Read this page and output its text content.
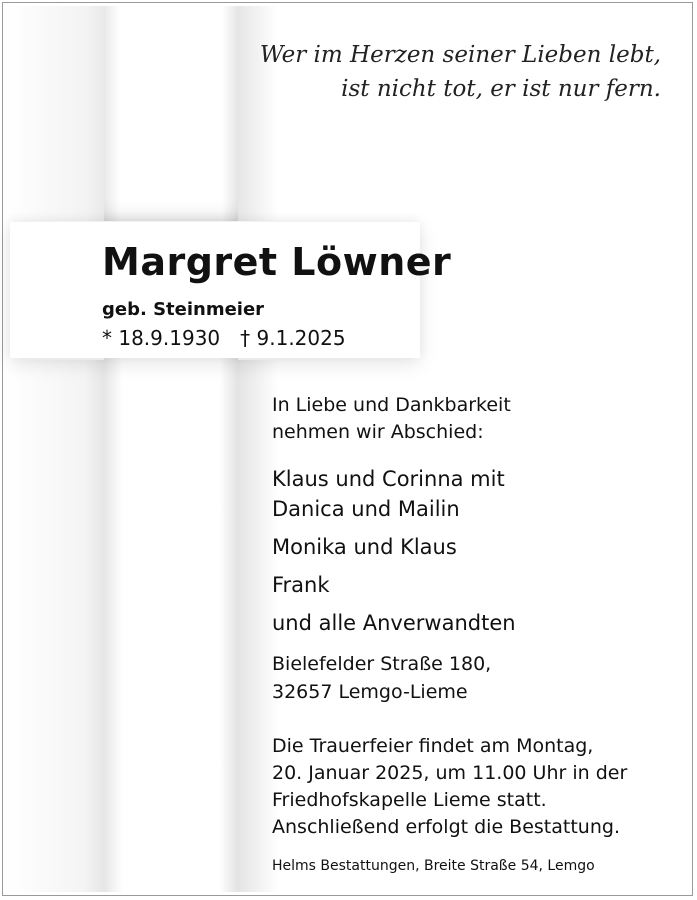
Wer im Herzen seiner Lieben lebt,
ist nicht tot, er ist nur fern.
Margret Löwner
geb. Steinmeier
* 18.9.1930 † 9.1.2025
In Liebe und Dankbarkeit
nehmen wir Abschied:
Klaus und Corinna mit
Danica und Mailin
Monika und Klaus
Frank
und alle Anverwandten
Bielefelder Straße 180,
32657 Lemgo-Lieme
Die Trauerfeier findet am Montag,
20. Januar 2025, um 11.00 Uhr in der
Friedhofskapelle Lieme statt.
Anschließend erfolgt die Bestattung.
Helms Bestattungen, Breite Straße 54, Lemgo
